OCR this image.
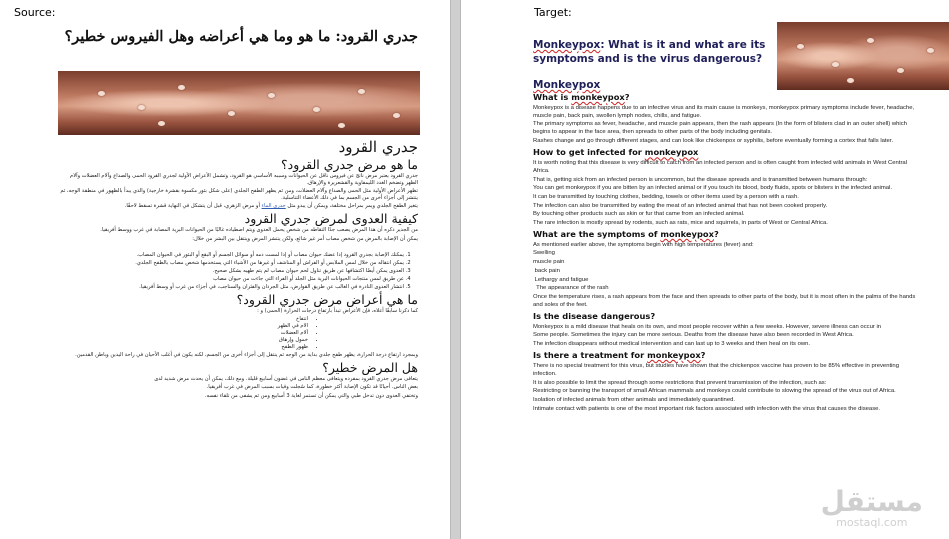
Source:
جدري القرود: ما هو وما هي أعراضه وهل الفيروس خطير؟
جدري القرود
ما هو مرض جدري القرود؟
جدري القرود يعتبر مرض ناتج عن فيروس ناقل عن الحيوانات وسببه الأساسي هو القرود، وتشمل الأعراض الأولية لجدري القرود الحمى والصداع وآلام العضلات وآلام الظهر وتضخم الغدد الليمفاوية والقشعريرة والإرهاق.
تظهر الأعراض الأولية مثل الحمى والصداع وآلام العضلات، ومن ثم يظهر الطفح الجلدي (على شكل بثور مكسوة بقشرة خارجية) والذي يبدأ بالظهور في منطقة الوجه، ثم ينتشر إلى أجزاء أخرى من الجسم بما في ذلك الأعضاء التناسلية.
يتغير الطفح الجلدي ويمر بمراحل مختلفة، ويمكن أن يبدو مثل جدري الماء أو مرض الزهري، قبل أن يتشكل في النهاية قشرة تسقط لاحقًا.
كيفية العدوى لمرض جدري القرود
من الجدير ذكره أن هذا المرض يصعب جدًا التقاطه من شخص يحمل العدوى ويتم اصطياده غالبًا من الحيوانات البرية المصابة في غرب ووسط أفريقيا.
يمكن أن الإصابة بالمرض من شخص مصاب أمر غير شائع، ولكن ينتشر المرض وينتقل بين البشر من خلال:
1. يمكنك الإصابة بجدري القرود إذا عضك حيوان مصاب أو إذا لمست دمه أو سوائل الجسم أو البقع أو البثور في الحيوان المصاب.
2. يمكن انتقاله من خلال لمس الملابس أو الفراش أو المناشف أو غيرها من الأشياء التي يستخدمها شخص مصاب بالطفح الجلدي.
3. العدوى يمكن أيضًا اكتشافها عن طريق تناول لحم حيوان مصاب لم يتم طهيه بشكل صحيح.
4. عن طريق لمس منتجات الحيوانات البرية مثل الجلد أو الفراء التي جاءت من حيوان مصاب
5. انتشار العدوى النادرة في الغالب عن طريق القوارض، مثل الجرذان والفئران والسناجب، في أجزاء من غرب أو وسط أفريقيا.
ما هي أعراض مرض جدري القرود؟
كما ذكرنا سابقًا أعلاه، فإن الأعراض تبدأ بارتفاع درجات الحرارة (الحمى) و :
• انتفاخ
• الام في الظهر
• آلام العضلات
• خمول وإرهاق
• ظهور الطفح
وبمجرد ارتفاع درجة الحرارة، يظهر طفح جلدي بداية من الوجه ثم ينتقل إلى أجزاء أخرى من الجسم، لكنه يكون في أغلب الأحيان في راحة اليدين وباطن القدمين.
هل المرض خطير؟
يتعافى مرض جدري القرود بمفرده ويتعافى معظم الناس في غضون أسابيع قليلة. ومع ذلك، يمكن أن يحدث مرض شديد لدى
بعض الناس. أحيانًا قد تكون الإصابة أكثر خطورة، كما سُجلت وفيات بسبب المرض في غرب أفريقيا.
وتختفي العدوى دون تدخل طبي والتي يمكن أن تستمر لغاية 3 أسابيع ومن ثم يشفى من تلقاء نفسه.
Target:
Monkeypox: What is it and what are its symptoms and is the virus dangerous?
Monkeypox
What is monkeypox?
Monkeypox is a disease happens due to an infective virus and its main cause is monkeys, monkeypox primary symptoms include fever, headache, muscle pain, back pain, swollen lymph nodes, chills, and fatigue.
The primary symptoms as fever, headache, and muscle pain appears, then the rash appears (In the form of blisters clad in an outer shell) which begins to appear in the face area, then spreads to other parts of the body including genitals.
Rashes change and go through different stages, and can look like chickenpox or syphilis, before eventually forming a cortex that falls later.
How to get infected for monkeypox
It is worth noting that this disease is very difficult to catch from an infected person and is often caught from infected wild animals in West Central Africa.
That is, getting sick from an infected person is uncommon, but the disease spreads and is transmitted between humans through:
You can get monkeypox if you are bitten by an infected animal or if you touch its blood, body fluids, spots or blisters in the infected animal.
It can be transmitted by touching clothes, bedding, towels or other items used by a person with a rash.
The infection can also be transmitted by eating the meat of an infected animal that has not been cooked properly.
By touching other products such as skin or fur that came from an infected animal.
The rare infection is mostly spread by rodents, such as rats, mice and squirrels, in parts of West or Central Africa.
What are the symptoms of monkeypox?
As mentioned earlier above, the symptoms begin with high temperatures (fever) and:
Swelling
muscle pain
back pain
Lethargy and fatigue
The appearance of the rash
Once the temperature rises, a rash appears from the face and then spreads to other parts of the body, but it is most often in the palms of the hands and soles of the feet.
Is the disease dangerous?
Monkeypox is a mild disease that heals on its own, and most people recover within a few weeks. However, severe illness can occur in
Some people. Sometimes the injury can be more serious. Deaths from the disease have also been recorded in West Africa.
The infection disappears without medical intervention and can last up to 3 weeks and then heal on its own.
Is there a treatment for monkeypox?
There is no special treatment for this virus, but studies have shown that the chickenpox vaccine has proven to be 85% effective in preventing infection.
It is also possible to limit the spread through some restrictions that prevent transmission of the infection, such as:
Restricting or banning the transport of small African mammals and monkeys could contribute to slowing the spread of the virus out of Africa.
Isolation of infected animals from other animals and immediately quarantined.
Intimate contact with patients is one of the most important risk factors associated with infection with the virus that causes the disease.
مستقل
mostaql.com
